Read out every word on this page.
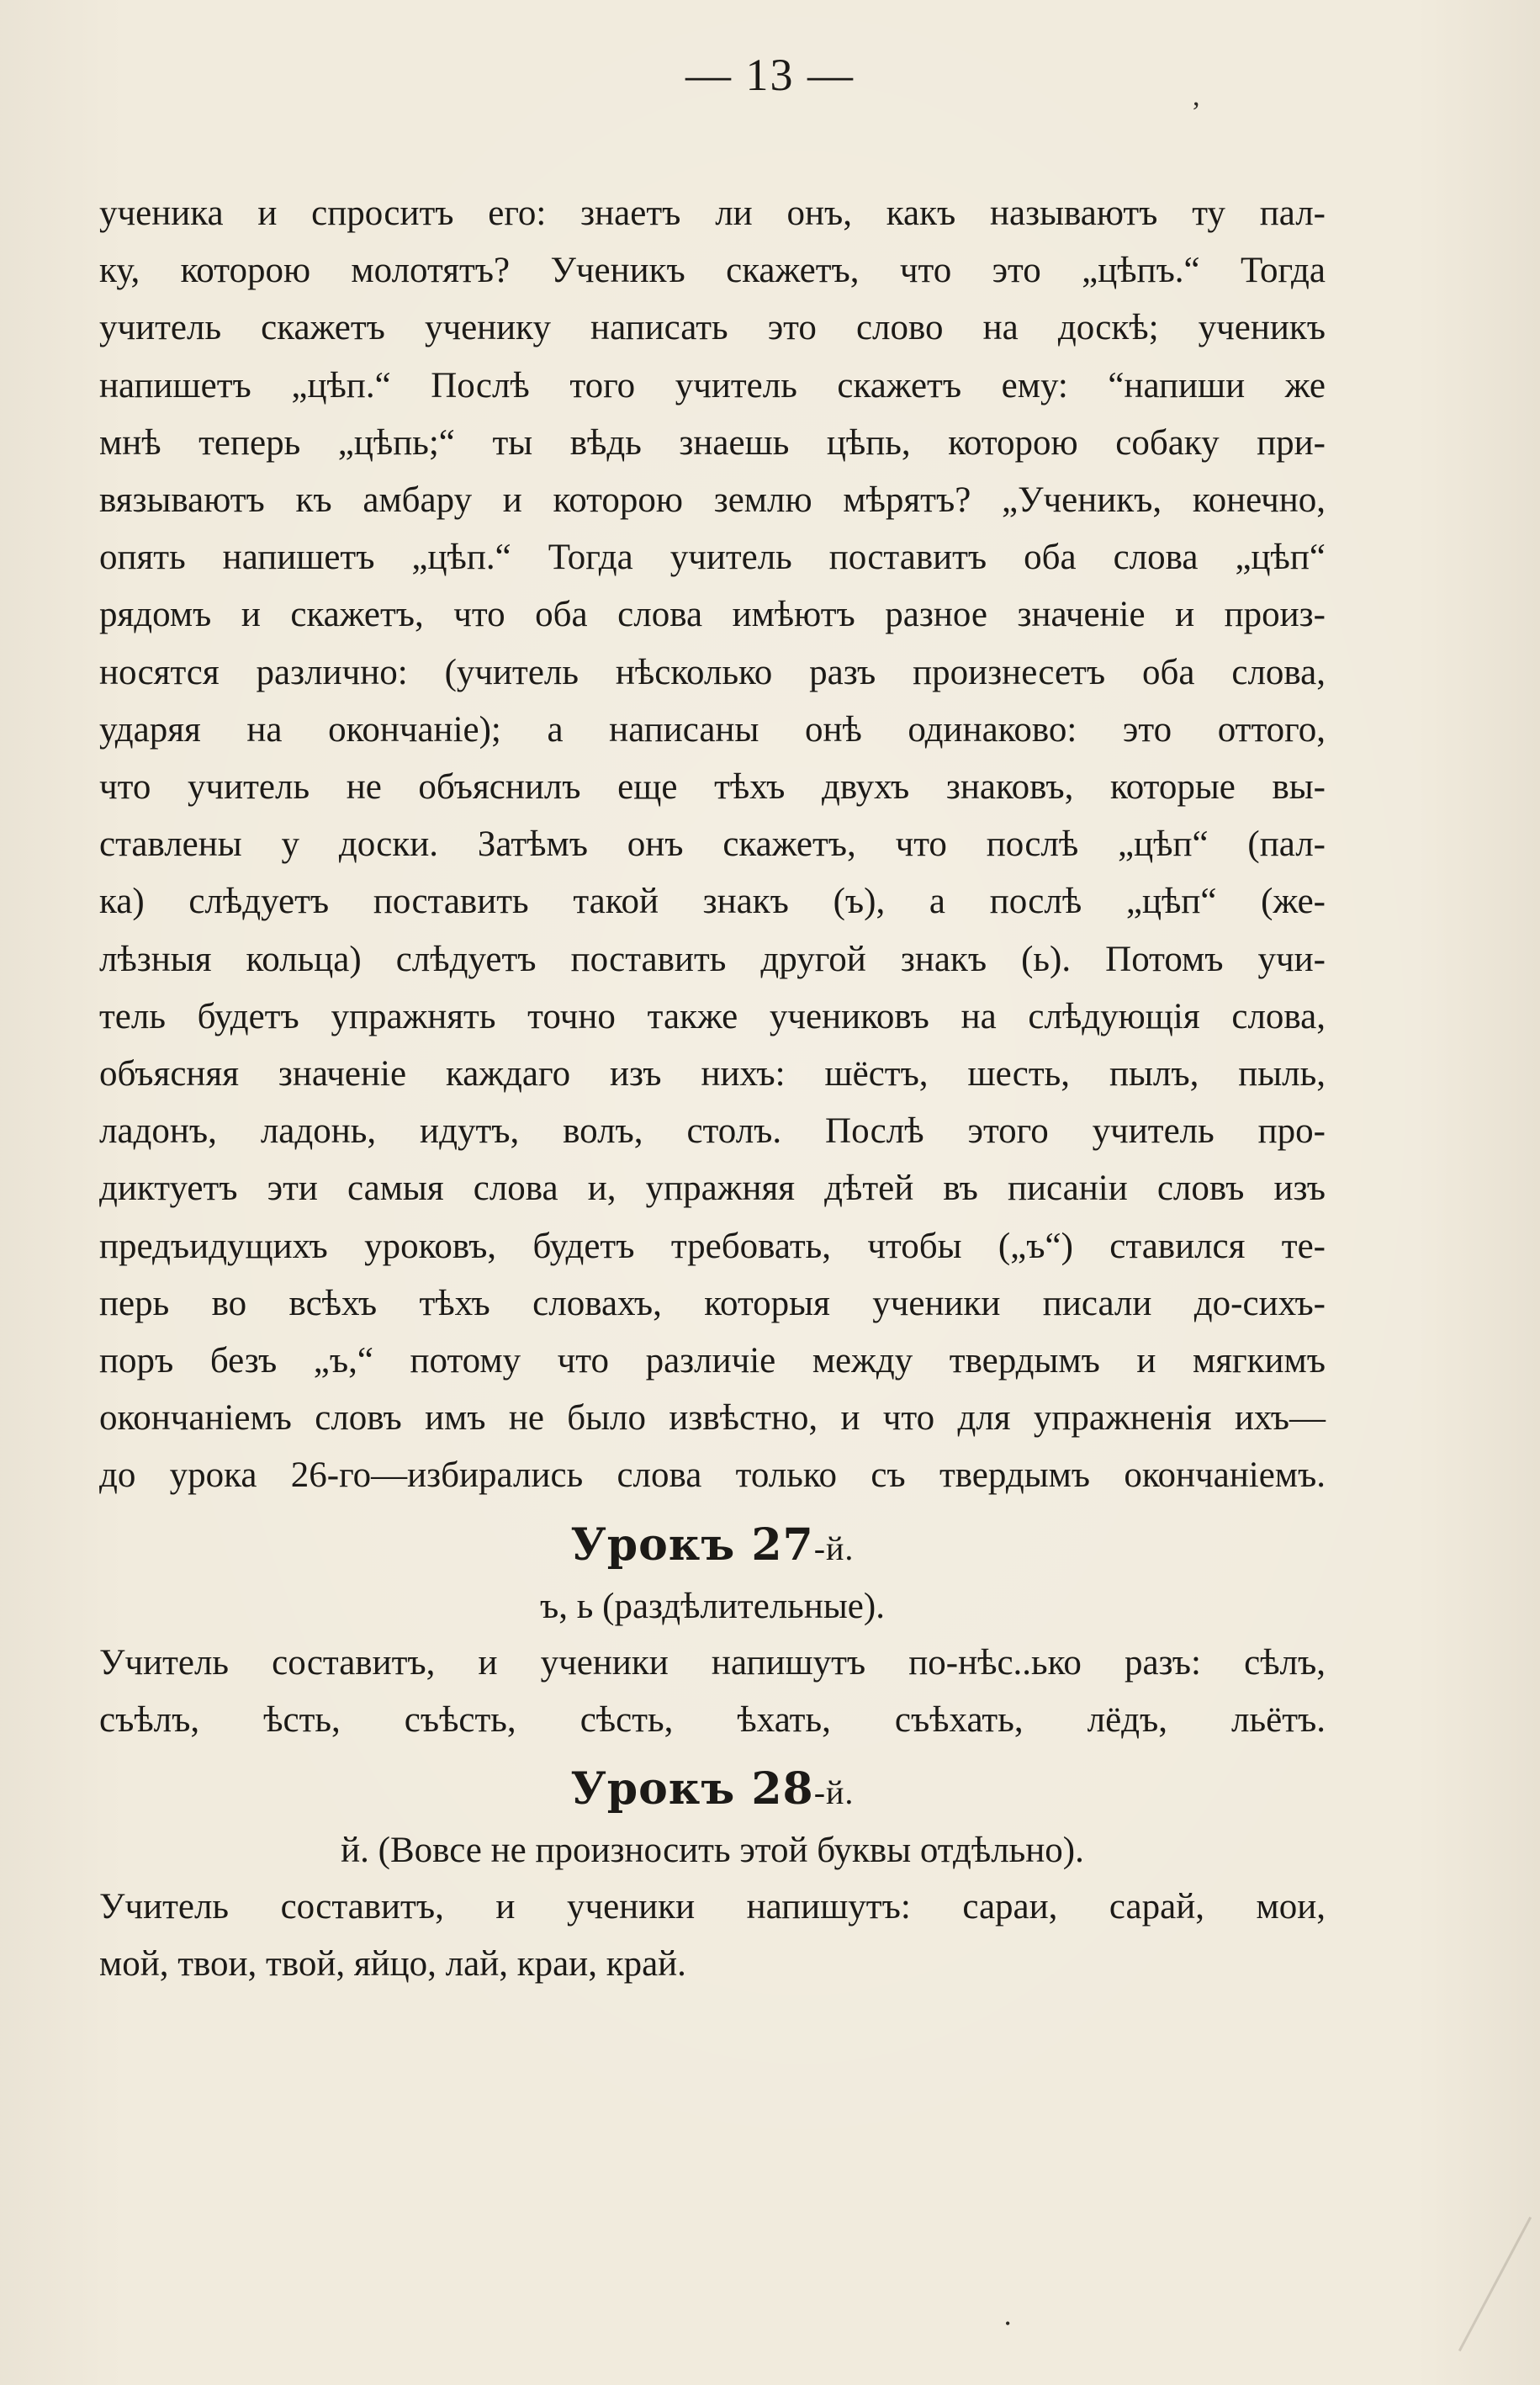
— 13 —	,
•
ученика и спроситъ его: знаетъ ли онъ, какъ называютъ ту пал-
ку, которою молотятъ? Ученикъ скажетъ, что это „цѣпъ.“ Тогда
учитель скажетъ ученику написать это слово на доскѣ; ученикъ
напишетъ „цѣп.“ Послѣ того учитель скажетъ ему: “напиши же
мнѣ теперь „цѣпь;“ ты вѣдь знаешь цѣпь, которою собаку при-
вязываютъ къ амбару и которою землю мѣрятъ? „Ученикъ, конечно,
опять напишетъ „цѣп.“ Тогда учитель поставитъ оба слова „цѣп“
рядомъ и скажетъ, что оба слова имѣютъ разное значеніе и произ-
носятся различно: (учитель нѣсколько разъ произнесетъ оба слова,
ударяя на окончаніе); а написаны онѣ одинаково: это оттого,
что учитель не объяснилъ еще тѣхъ двухъ знаковъ, которые вы-
ставлены у доски. Затѣмъ онъ скажетъ, что послѣ „цѣп“ (пал-
ка) слѣдуетъ поставить такой знакъ (ъ), а послѣ „цѣп“ (же-
лѣзныя кольца) слѣдуетъ поставить другой знакъ (ь). Потомъ учи-
тель будетъ упражнять точно также учениковъ на слѣдующія слова,
объясняя значеніе каждаго изъ нихъ: шёстъ, шесть, пылъ, пыль,
ладонъ, ладонь, идутъ, волъ, столъ. Послѣ этого учитель про-
диктуетъ эти самыя слова и, упражняя дѣтей въ писаніи словъ изъ
предъидущихъ уроковъ, будетъ требовать, чтобы („ъ“) ставился те-
перь во всѣхъ тѣхъ словахъ, которыя ученики писали до-сихъ-
поръ безъ „ъ,“ потому что различіе между твердымъ и мягкимъ
окончаніемъ словъ имъ не было извѣстно, и что для упражненія ихъ—
до урока 26-го—избирались слова только съ твердымъ окончаніемъ.
Урокъ 27-й.
ъ, ь (раздѣлительные).
Учитель составитъ, и ученики напишутъ по-нѣс..ько разъ: сѣлъ,
съѣлъ, ѣсть, съѣсть, сѣсть, ѣхать, съѣхать, лёдъ, льётъ.
Урокъ 28-й.
й. (Вовсе не произносить этой буквы отдѣльно).
Учитель составитъ, и ученики напишутъ: сараи, сарай, мои,
мой, твои, твой, яйцо, лай, краи, край.
